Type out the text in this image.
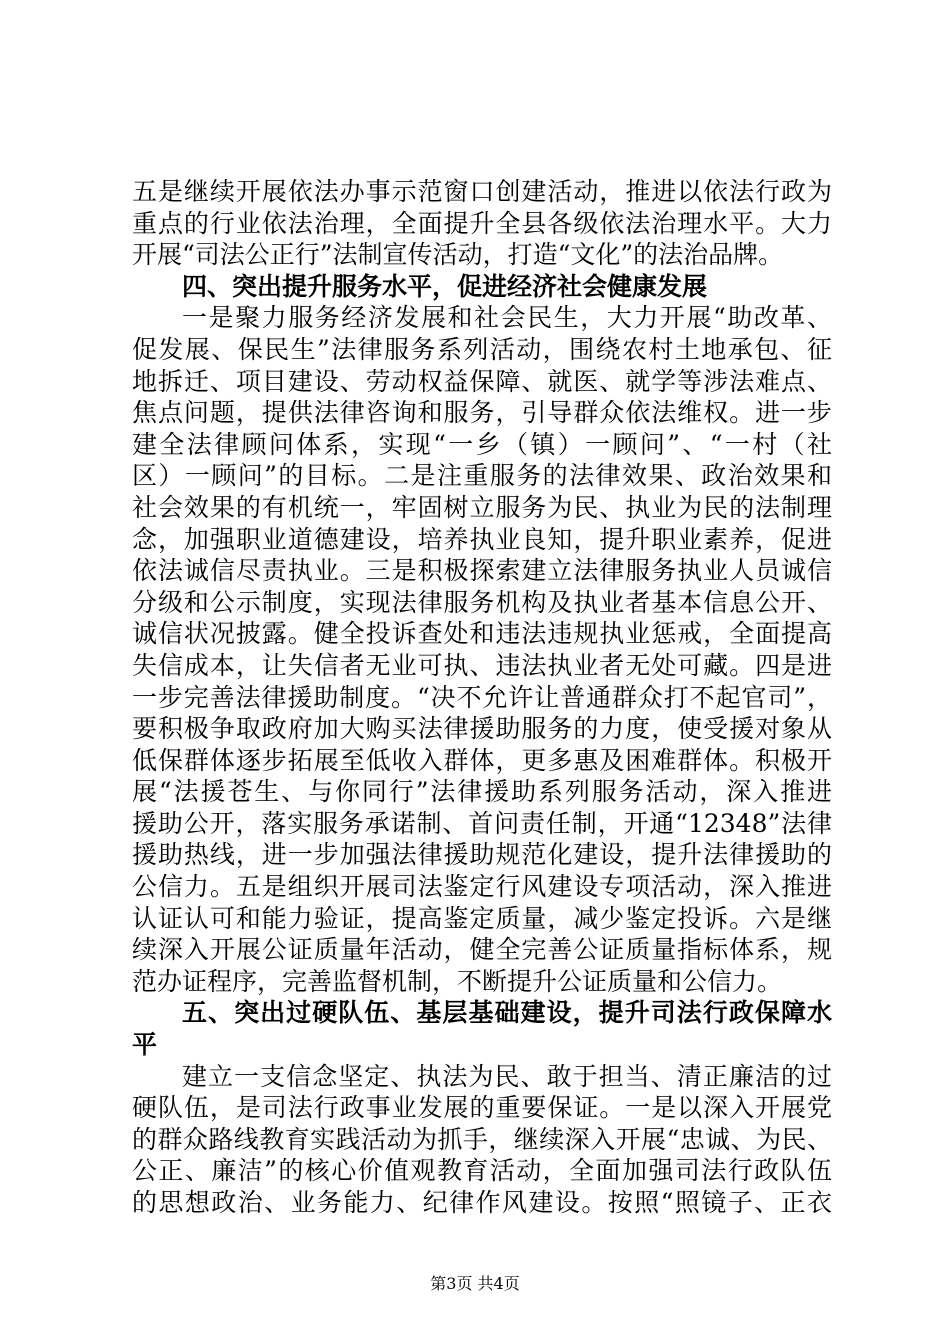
五是继续开展依法办事示范窗口创建活动，推进以依法行政为
重点的行业依法治理，全面提升全县各级依法治理水平。大力
开展“司法公正行”法制宣传活动，打造“文化”的法治品牌。
四、突出提升服务水平，促进经济社会健康发展
一是聚力服务经济发展和社会民生，大力开展“助改革、
促发展、保民生”法律服务系列活动，围绕农村土地承包、征
地拆迁、项目建设、劳动权益保障、就医、就学等涉法难点、
焦点问题，提供法律咨询和服务，引导群众依法维权。进一步
建全法律顾问体系，实现“一乡（镇）一顾问”、“一村（社
区）一顾问”的目标。二是注重服务的法律效果、政治效果和
社会效果的有机统一，牢固树立服务为民、执业为民的法制理
念，加强职业道德建设，培养执业良知，提升职业素养，促进
依法诚信尽责执业。三是积极探索建立法律服务执业人员诚信
分级和公示制度，实现法律服务机构及执业者基本信息公开、
诚信状况披露。健全投诉查处和违法违规执业惩戒，全面提高
失信成本，让失信者无业可执、违法执业者无处可藏。四是进
一步完善法律援助制度。“决不允许让普通群众打不起官司”，
要积极争取政府加大购买法律援助服务的力度，使受援对象从
低保群体逐步拓展至低收入群体，更多惠及困难群体。积极开
展“法援苍生、与你同行”法律援助系列服务活动，深入推进
援助公开，落实服务承诺制、首问责任制，开通“12348”法律
援助热线，进一步加强法律援助规范化建设，提升法律援助的
公信力。五是组织开展司法鉴定行风建设专项活动，深入推进
认证认可和能力验证，提高鉴定质量，减少鉴定投诉。六是继
续深入开展公证质量年活动，健全完善公证质量指标体系，规
范办证程序，完善监督机制，不断提升公证质量和公信力。
五、突出过硬队伍、基层基础建设，提升司法行政保障水
平
建立一支信念坚定、执法为民、敢于担当、清正廉洁的过
硬队伍，是司法行政事业发展的重要保证。一是以深入开展党
的群众路线教育实践活动为抓手，继续深入开展“忠诚、为民、
公正、廉洁”的核心价值观教育活动，全面加强司法行政队伍
的思想政治、业务能力、纪律作风建设。按照“照镜子、正衣
第3页 共4页
